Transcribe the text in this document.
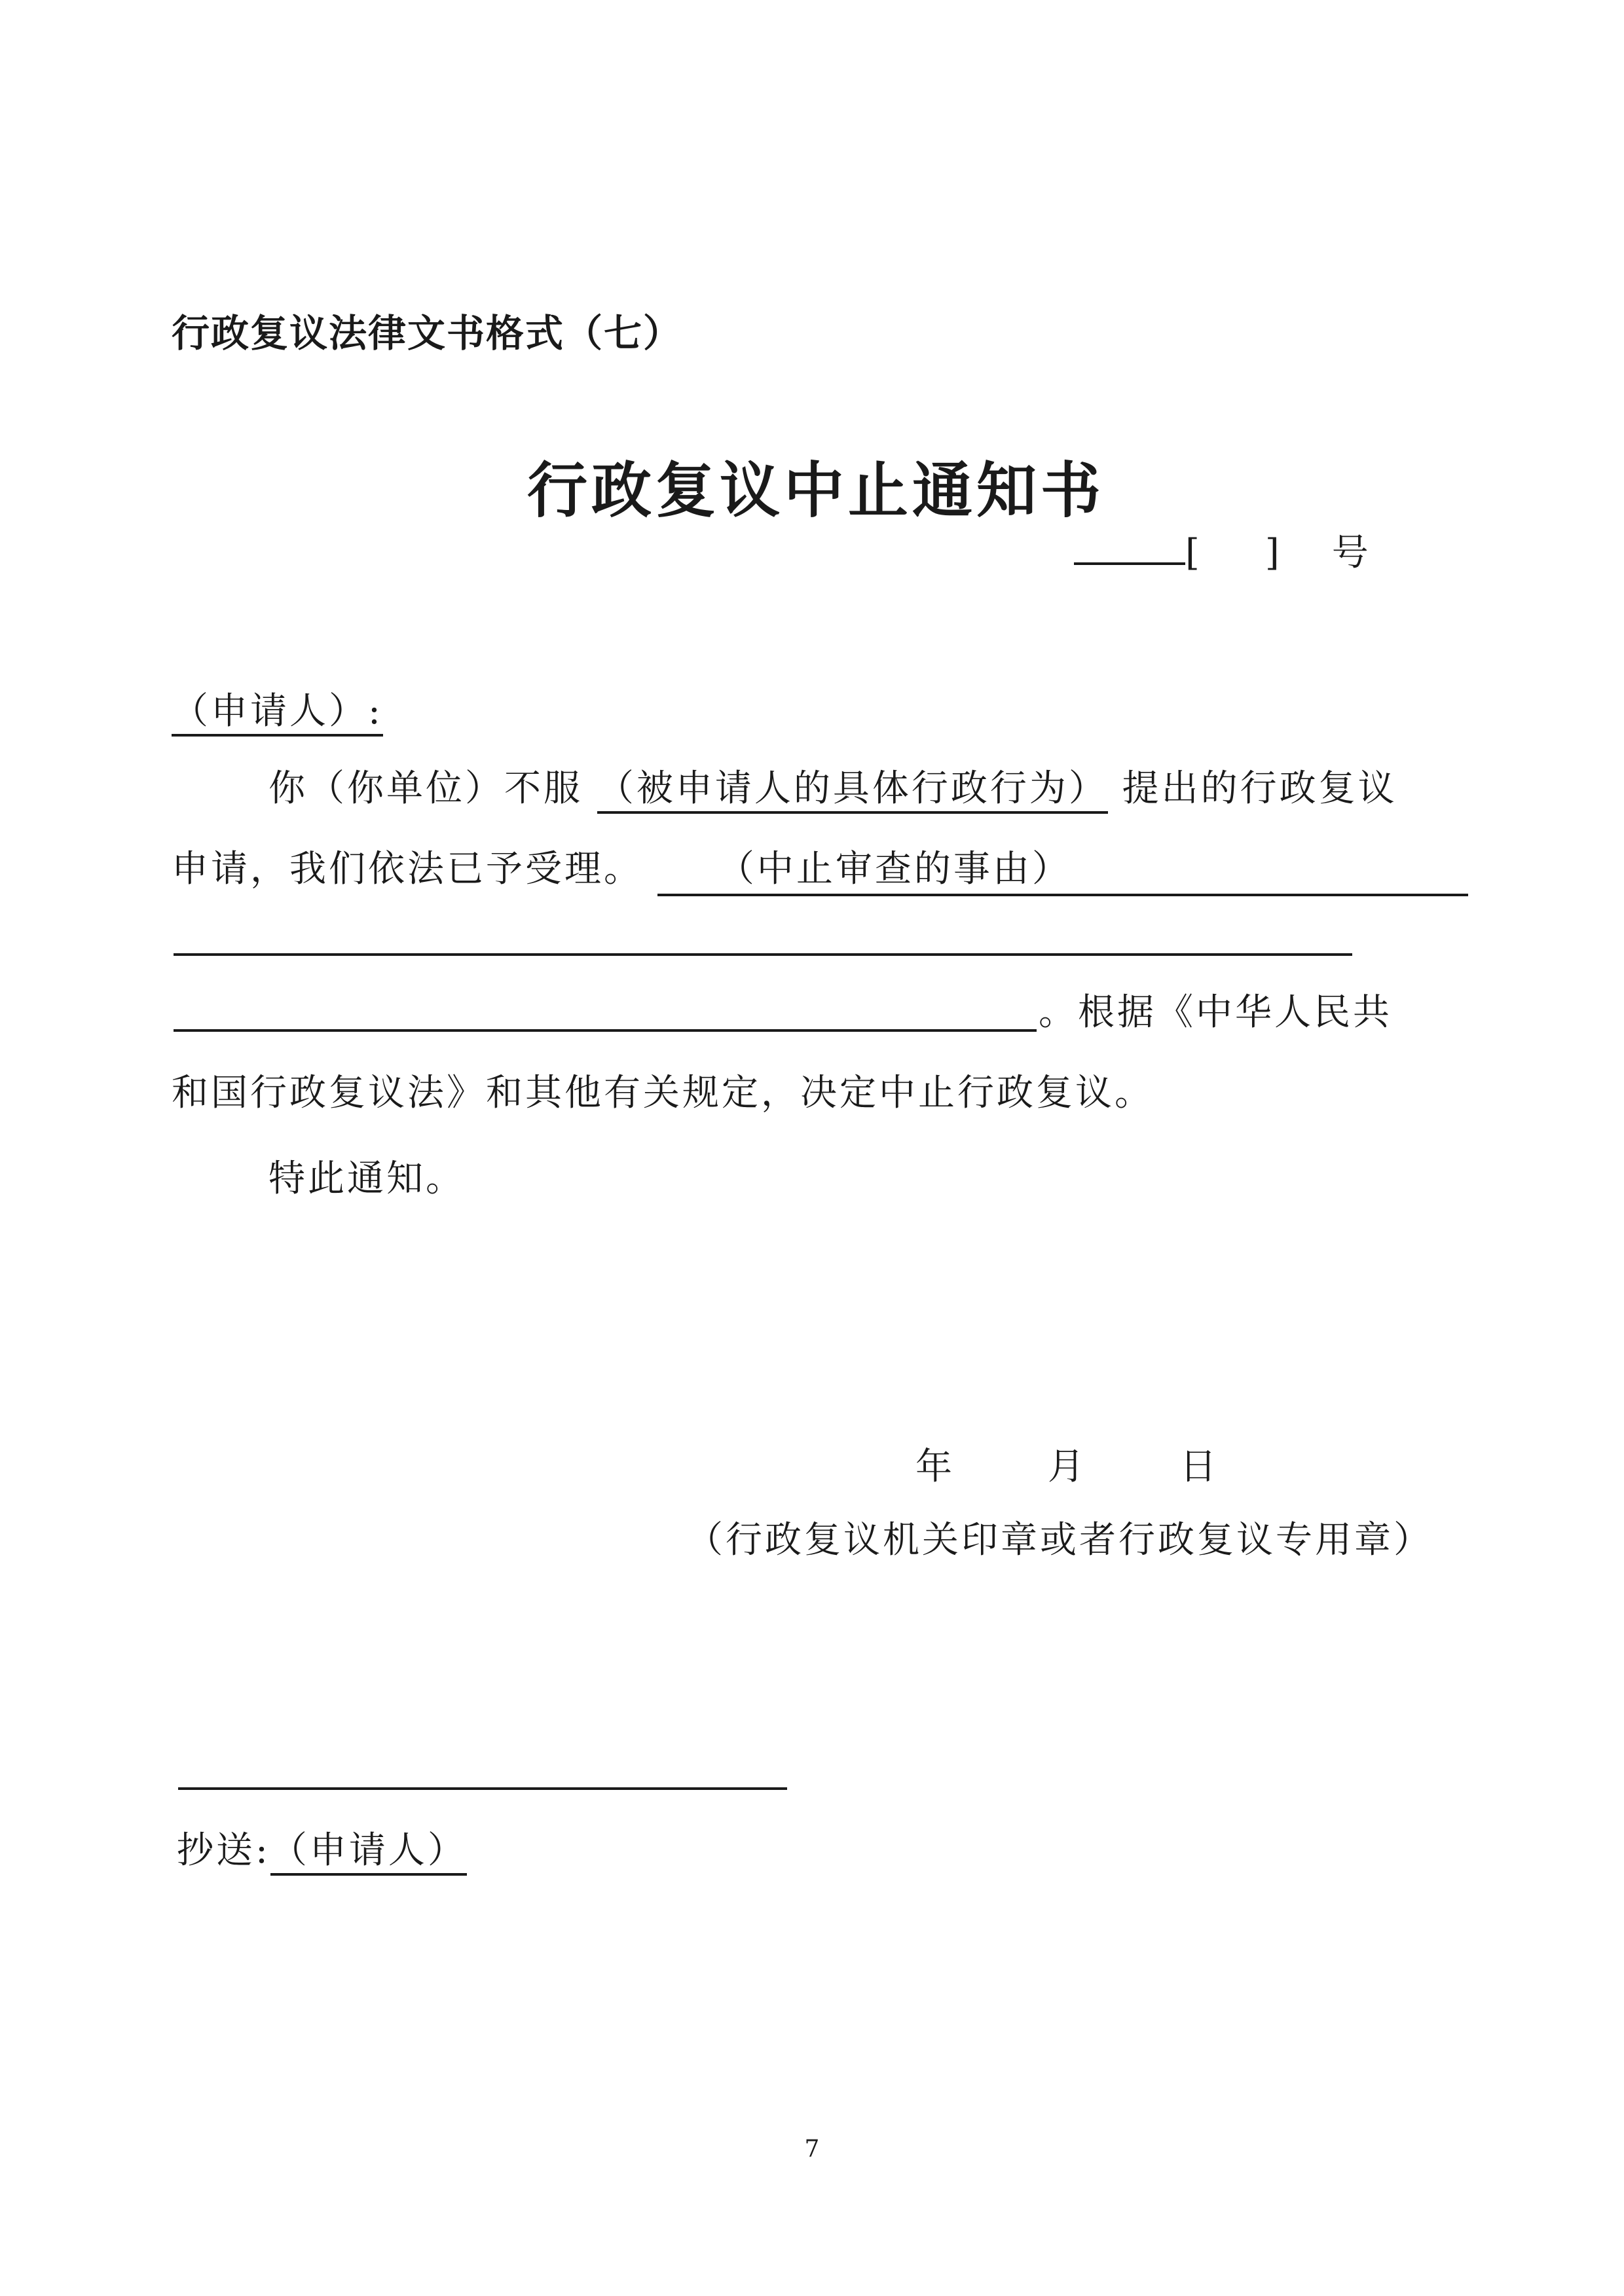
行政复议法律文书格式（七）
行政复议中止通知书
[ ] 号
（申请人）:
你（你单位）不服 （被申请人的具体行政行为） 提出的行政复议
申请，我们依法已予受理。 （中止审查的事由）
。根据《中华人民共
和国行政复议法》和其他有关规定，决定中止行政复议。
特此通知。
年	月	日
（行政复议机关印章或者行政复议专用章）
抄送:（申请人）
7
